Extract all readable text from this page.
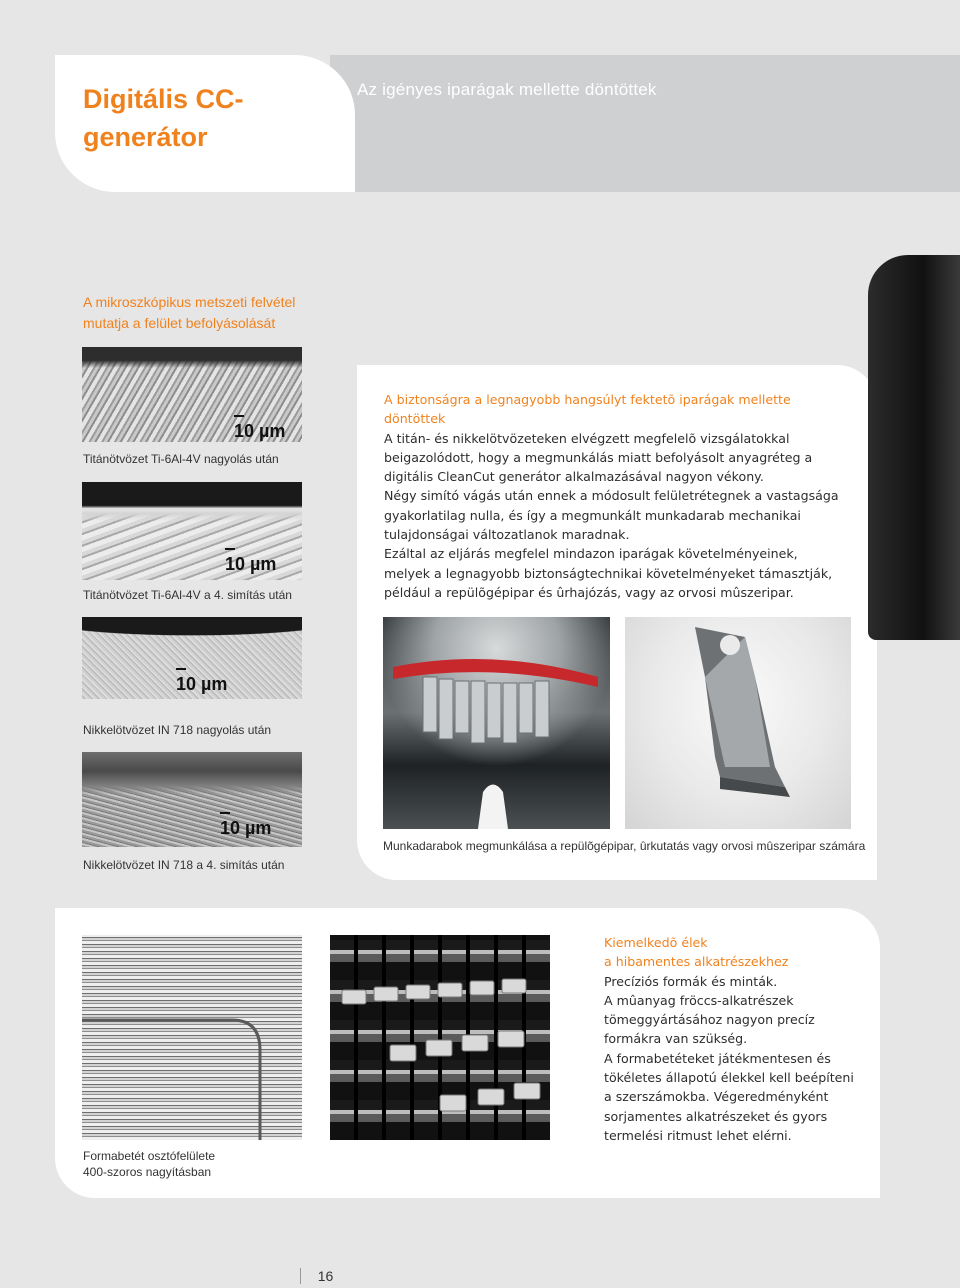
Digitális CC-generátor
Az igényes iparágak mellette döntöttek
A mikroszkópikus metszeti felvétel mutatja a felület befolyásolását
A biztonságra a legnagyobb hangsúlyt fektetõ iparágak mellette döntöttek
A titán- és nikkelötvözeteken elvégzett megfelelõ vizsgálatokkal beigazolódott, hogy a megmunkálás miatt befolyásolt anyagréteg a digitális CleanCut generátor alkalmazásával nagyon vékony.
Négy simító vágás után ennek a módosult felületrétegnek a vastagsága gyakorlatilag nulla, és így a megmunkált munkadarab mechanikai tulajdonságai változatlanok maradnak.
Ezáltal az eljárás megfelel mindazon iparágak követelményeinek, melyek a legnagyobb biztonságtechnikai követelményeket támasztják, például a repülõgépipar és ûrhajózás, vagy az orvosi mûszeripar.
Munkadarabok megmunkálása a repülõgépipar, ûrkutatás vagy orvosi mûszeripar számára
10 µm
Titánötvözet Ti-6Al-4V nagyolás után
10 µm
Titánötvözet Ti-6Al-4V a 4. simítás után
10 µm
Nikkelötvözet IN 718 nagyolás után
10 µm
Nikkelötvözet IN 718 a 4. simítás után
Formabetét osztófelülete
400-szoros nagyításban
Kiemelkedõ élek
a hibamentes alkatrészekhez
Precíziós formák és minták.
A mûanyag fröccs-alkatrészek tömeggyártásához nagyon precíz formákra van szükség.
A formabetéteket játékmentesen és tökéletes állapotú élekkel kell beépíteni a szerszámokba. Végeredményként sorjamentes alkatrészeket és gyors termelési ritmust lehet elérni.
16
